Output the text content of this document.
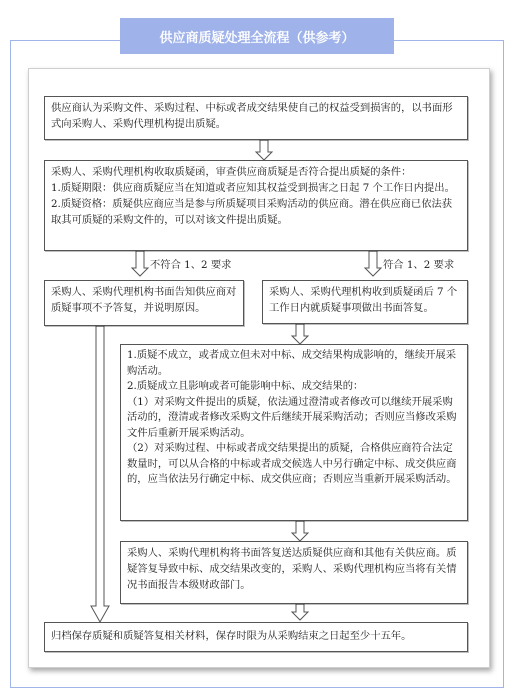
供应商质疑处理全流程（供参考）

供应商认为采购文件、采购过程、中标或者成交结果使自己的权益受到损害的，以书面形式向采购人、采购代理机构提出质疑。

采购人、采购代理机构收取质疑函，审查供应商质疑是否符合提出质疑的条件：

1.质疑期限：供应商质疑应当在知道或者应知其权益受到损害之日起 7 个工作日内提出。

2.质疑资格：质疑供应商应当是参与所质疑项目采购活动的供应商。潜在供应商已依法获取其可质疑的采购文件的，可以对该文件提出质疑。

不符合 1、2 要求	符合 1、2 要求

采购人、采购代理机构书面告知供应商对质疑事项不予答复，并说明原因。

采购人、采购代理机构收到质疑函后 7 个工作日内就质疑事项做出书面答复。

1.质疑不成立，或者成立但未对中标、成交结果构成影响的，继续开展采购活动。

2.质疑成立且影响或者可能影响中标、成交结果的：

（1）对采购文件提出的质疑，依法通过澄清或者修改可以继续开展采购活动的，澄清或者修改采购文件后继续开展采购活动；否则应当修改采购文件后重新开展采购活动。

（2）对采购过程、中标或者成交结果提出的质疑，合格供应商符合法定数量时，可以从合格的中标或者成交候选人中另行确定中标、成交供应商的，应当依法另行确定中标、成交供应商；否则应当重新开展采购活动。

采购人、采购代理机构将书面答复送达质疑供应商和其他有关供应商。质疑答复导致中标、成交结果改变的，采购人、采购代理机构应当将有关情况书面报告本级财政部门。

归档保存质疑和质疑答复相关材料，保存时限为从采购结束之日起至少十五年。
